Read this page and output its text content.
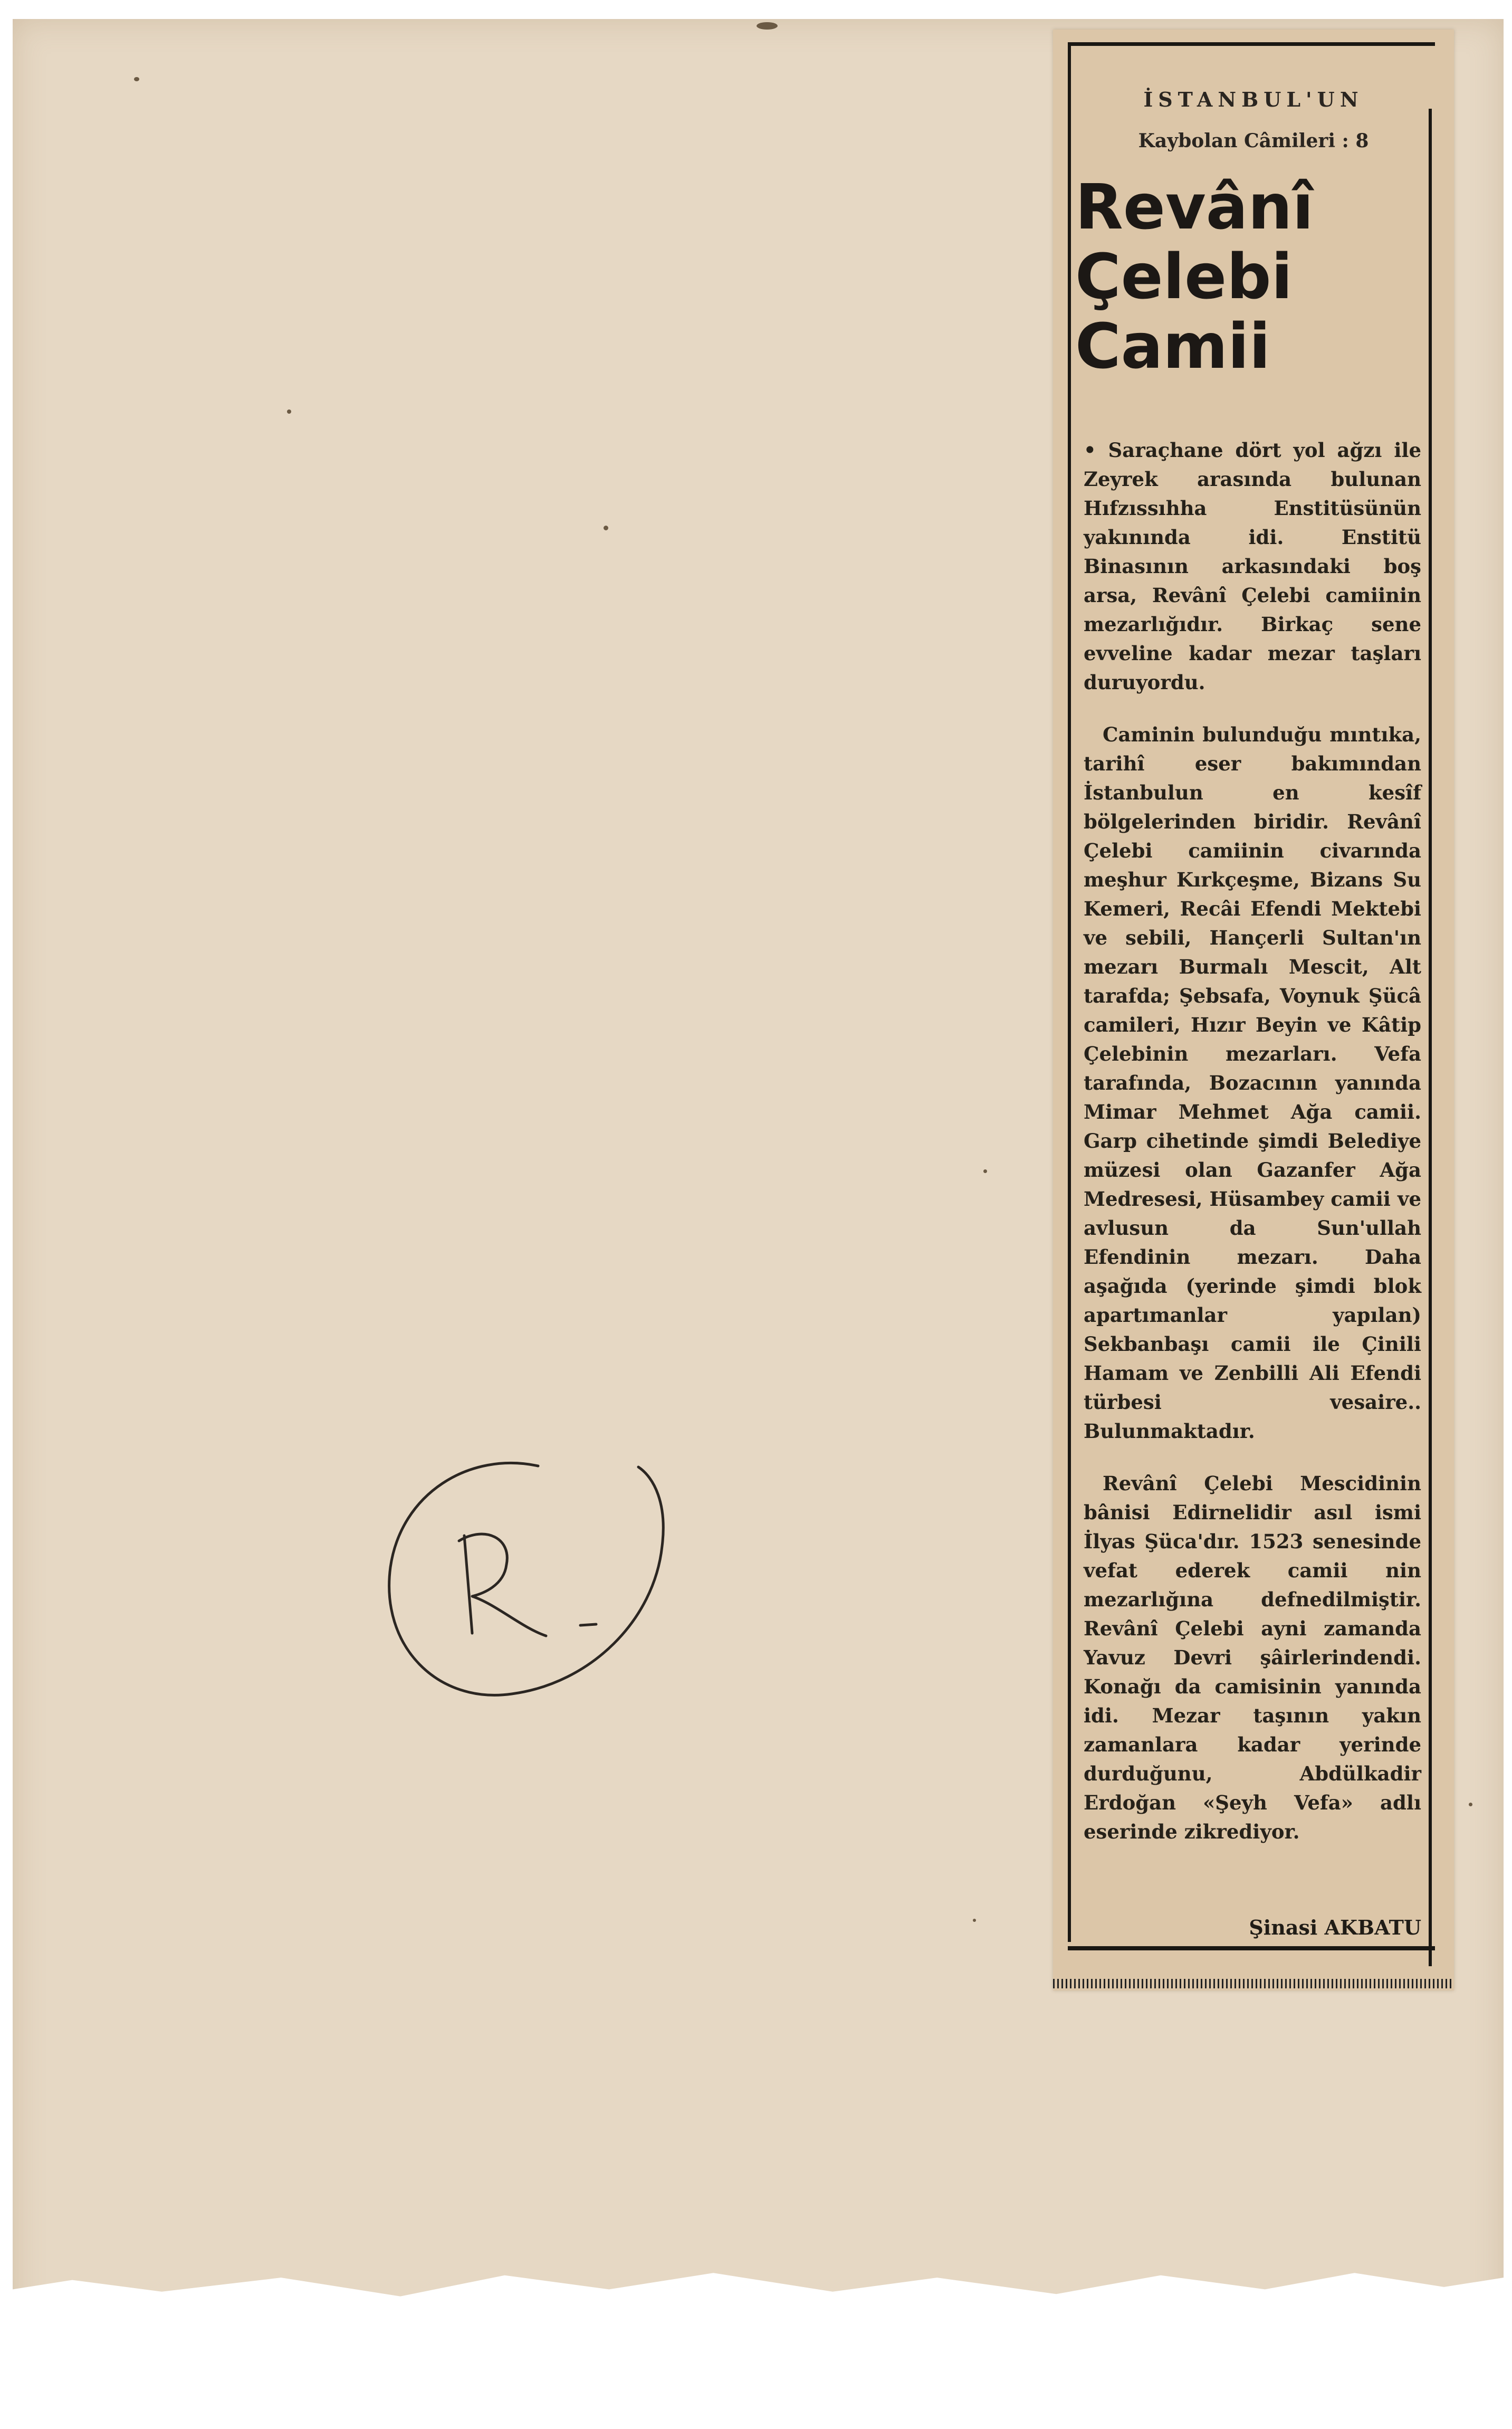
İSTANBUL'UN
Kaybolan Câmileri : 8
Revânî
Çelebi
Camii

• Saraçhane dört yol ağzı ile Zeyrek arasında bulunan Hıfzıssıhha Enstitüsünün yakınında idi. Enstitü Binasının arkasındaki boş arsa, Revânî Çelebi camiinin mezarlığıdır. Birkaç sene evveline kadar mezar taşları duruyordu.

Caminin bulunduğu mıntıka, tarihî eser bakımından İstanbulun en kesîf bölgelerinden biridir. Revânî Çelebi camiinin civarında meşhur Kırkçeşme, Bizans Su Kemeri, Recâi Efendi Mektebi ve sebili, Hançerli Sultan'ın mezarı Burmalı Mescit, Alt tarafda; Şebsafa, Voynuk Şücâ camileri, Hızır Beyin ve Kâtip Çelebinin mezarları. Vefa tarafında, Bozacının yanında Mimar Mehmet Ağa camii. Garp cihetinde şimdi Belediye müzesi olan Gazanfer Ağa Medresesi, Hüsambey camii ve avlusun da Sun'ullah Efendinin mezarı. Daha aşağıda (yerinde şimdi blok apartımanlar yapılan) Sekbanbaşı camii ile Çinili Hamam ve Zenbilli Ali Efendi türbesi vesaire.. Bulunmaktadır.

Revânî Çelebi Mescidinin bânisi Edirnelidir asıl ismi İlyas Şüca'dır. 1523 senesinde vefat ederek camii nin mezarlığına defnedilmiştir. Revânî Çelebi ayni zamanda Yavuz Devri şâirlerindendi. Konağı da camisinin yanında idi. Mezar taşının yakın zamanlara kadar yerinde durduğunu, Abdülkadir Erdoğan «Şeyh Vefa» adlı eserinde zikrediyor.

Şinasi AKBATU
